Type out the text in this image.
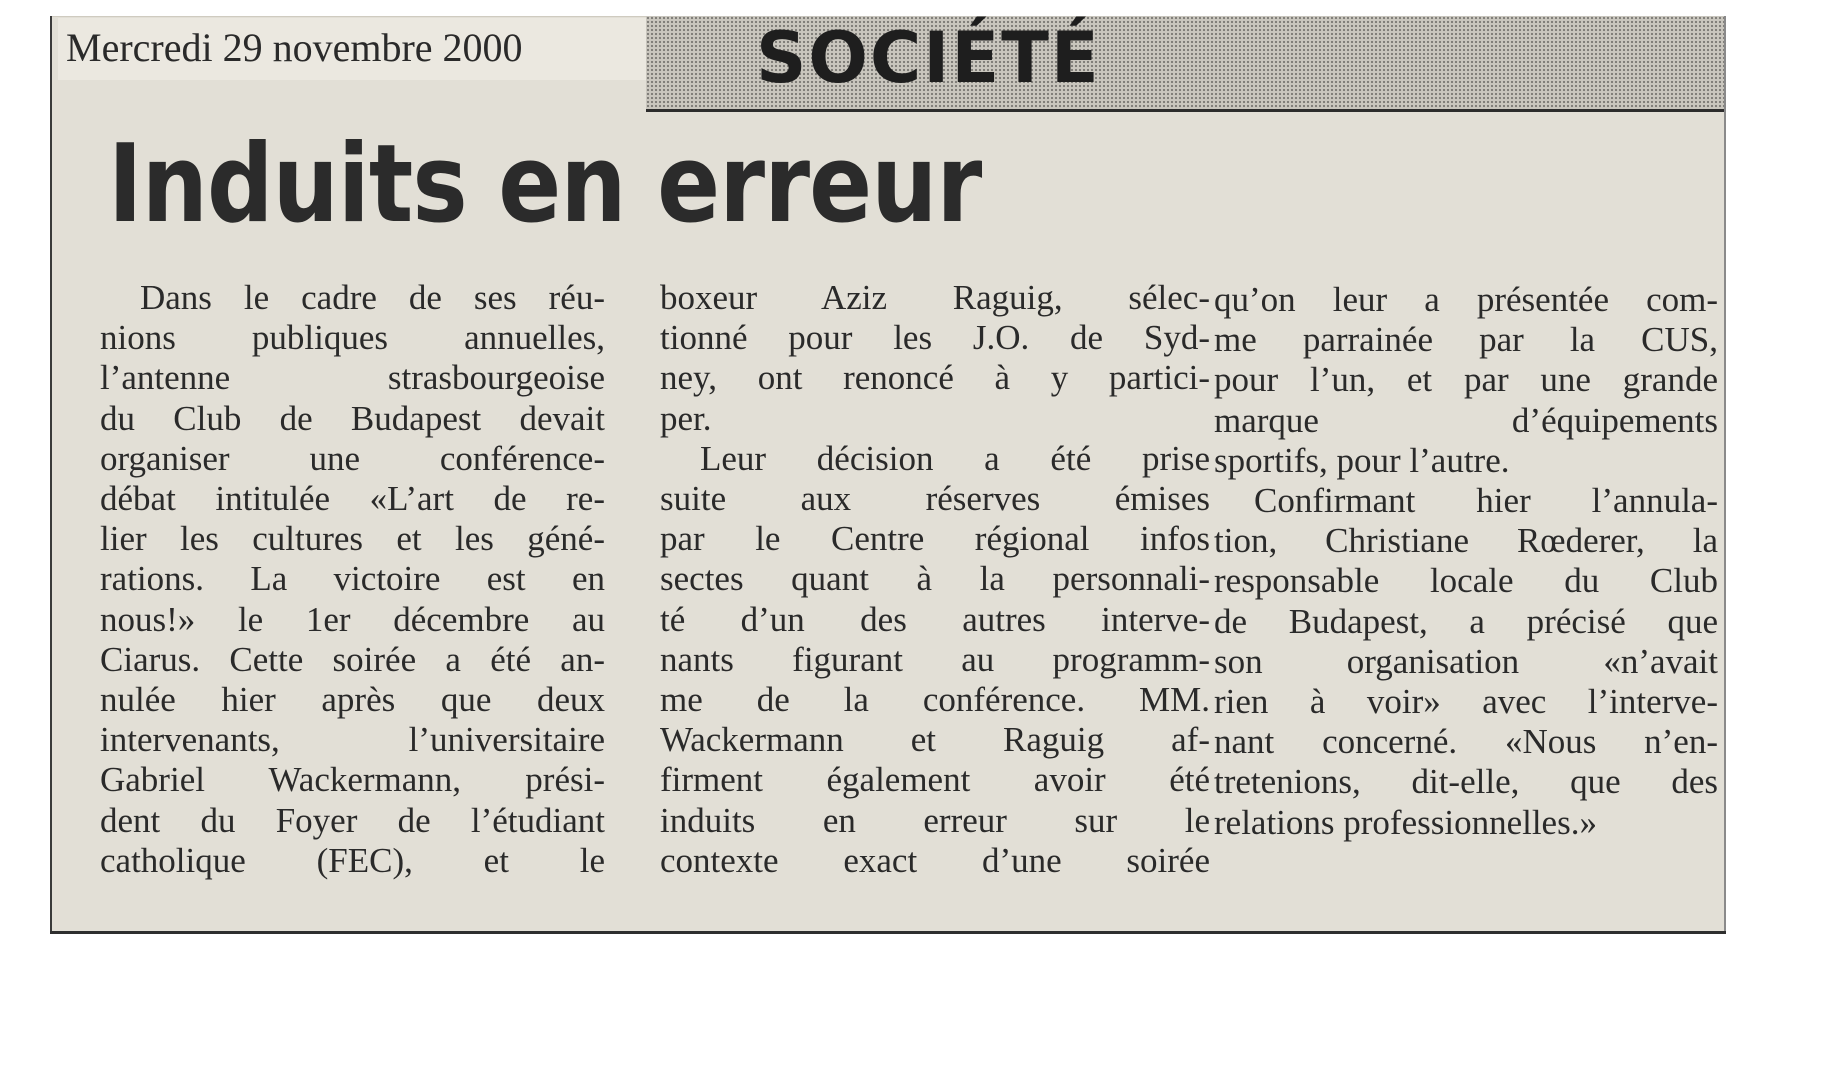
Mercredi 29 novembre 2000	SOCIÉTÉ
Induits en erreur
Dans le cadre de ses réu-
nions publiques annuelles,
l’antenne strasbourgeoise
du Club de Budapest devait
organiser une conférence-
débat intitulée «L’art de re-
lier les cultures et les géné-
rations. La victoire est en
nous!» le 1er décembre au
Ciarus. Cette soirée a été an-
nulée hier après que deux
intervenants, l’universitaire
Gabriel Wackermann, prési-
dent du Foyer de l’étudiant
catholique (FEC), et le
boxeur Aziz Raguig, sélec-
tionné pour les J.O. de Syd-
ney, ont renoncé à y partici-
per.
Leur décision a été prise
suite aux réserves émises
par le Centre régional infos
sectes quant à la personnali-
té d’un des autres interve-
nants figurant au programm-
me de la conférence. MM.
Wackermann et Raguig af-
firment également avoir été
induits en erreur sur le
contexte exact d’une soirée
qu’on leur a présentée com-
me parrainée par la CUS,
pour l’un, et par une grande
marque d’équipements
sportifs, pour l’autre.
Confirmant hier l’annula-
tion, Christiane Rœderer, la
responsable locale du Club
de Budapest, a précisé que
son organisation «n’avait
rien à voir» avec l’interve-
nant concerné. «Nous n’en-
tretenions, dit-elle, que des
relations professionnelles.»
